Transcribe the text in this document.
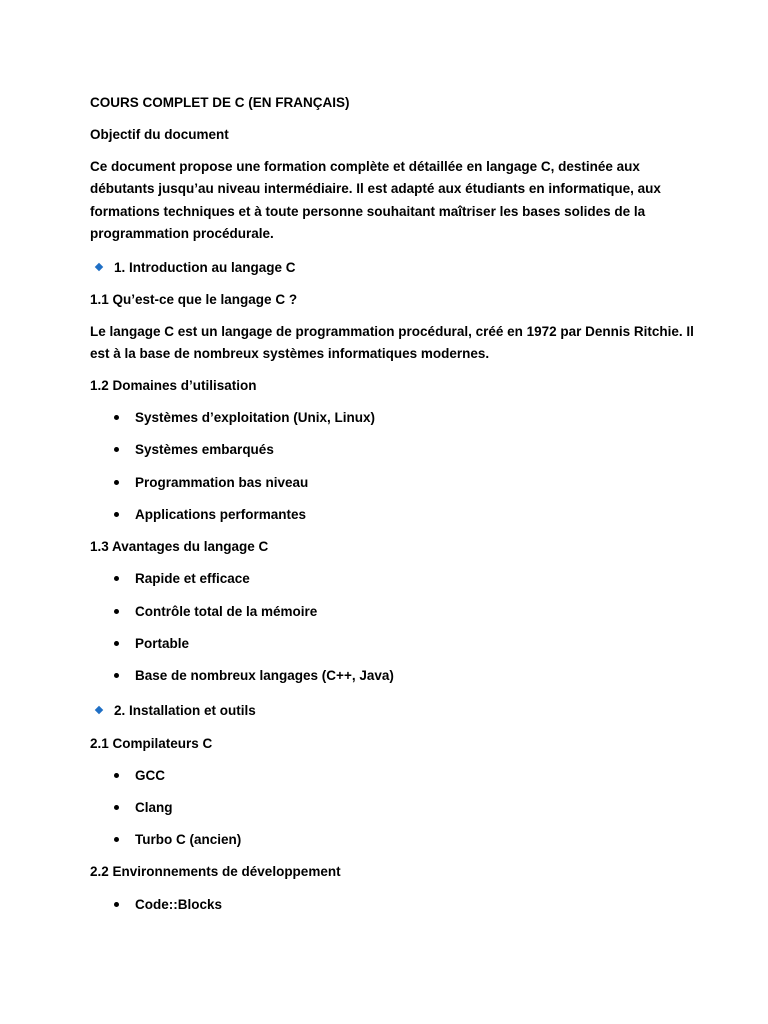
COURS COMPLET DE C (EN FRANÇAIS)
Objectif du document
Ce document propose une formation complète et détaillée en langage C, destinée aux
débutants jusqu’au niveau intermédiaire. Il est adapté aux étudiants en informatique, aux
formations techniques et à toute personne souhaitant maîtriser les bases solides de la
programmation procédurale.
1. Introduction au langage C
1.1 Qu’est-ce que le langage C ?
Le langage C est un langage de programmation procédural, créé en 1972 par Dennis Ritchie. Il
est à la base de nombreux systèmes informatiques modernes.
1.2 Domaines d’utilisation
Systèmes d’exploitation (Unix, Linux)
Systèmes embarqués
Programmation bas niveau
Applications performantes
1.3 Avantages du langage C
Rapide et efficace
Contrôle total de la mémoire
Portable
Base de nombreux langages (C++, Java)
2. Installation et outils
2.1 Compilateurs C
GCC
Clang
Turbo C (ancien)
2.2 Environnements de développement
Code::Blocks
